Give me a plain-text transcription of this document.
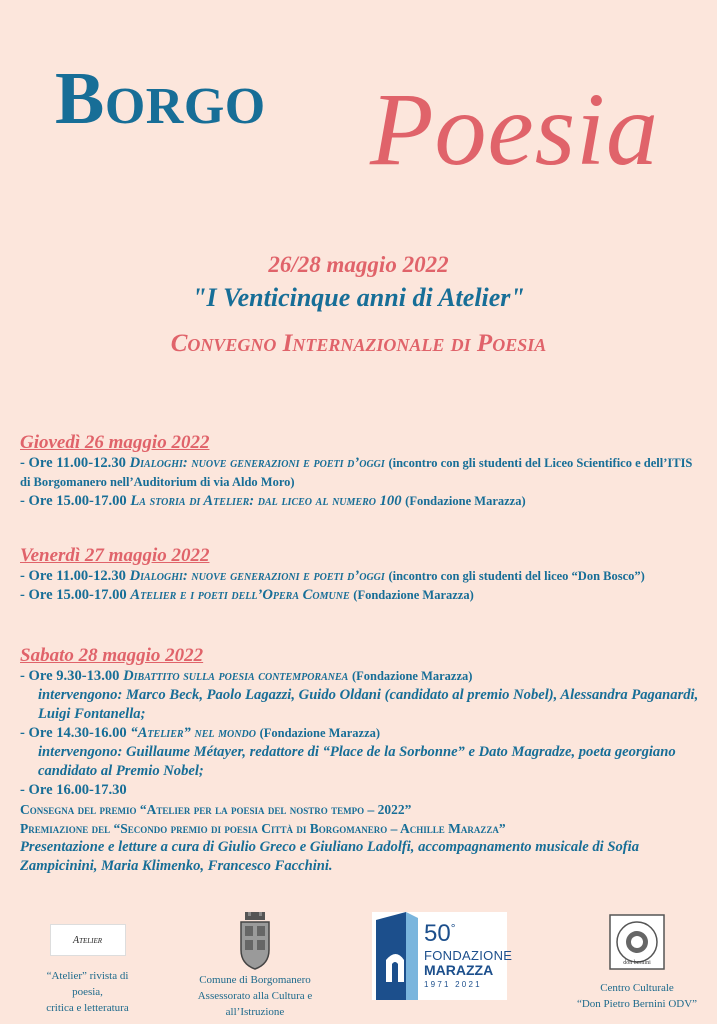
Borgo Poesia
26/28 maggio 2022
"I Venticinque anni di Atelier"
Convegno Internazionale di Poesia
Giovedì 26 maggio 2022
- Ore 11.00-12.30 Dialoghi: nuove generazioni e poeti d’oggi (incontro con gli studenti del Liceo Scientifico e dell’ITIS di Borgomanero nell’Auditorium di via Aldo Moro)
- Ore 15.00-17.00 La storia di Atelier: dal liceo al numero 100 (Fondazione Marazza)
Venerdì 27 maggio 2022
- Ore 11.00-12.30 Dialoghi: nuove generazioni e poeti d’oggi (incontro con gli studenti del liceo “Don Bosco”)
- Ore 15.00-17.00 Atelier e i poeti dell’Opera Comune (Fondazione Marazza)
Sabato 28 maggio 2022
- Ore 9.30-13.00 Dibattito sulla poesia contemporanea (Fondazione Marazza)
intervengono: Marco Beck, Paolo Lagazzi, Guido Oldani (candidato al premio Nobel), Alessandra Paganardi, Luigi Fontanella;
- Ore 14.30-16.00 “Atelier” nel mondo (Fondazione Marazza)
intervengono: Guillaume Métayer, redattore di “Place de la Sorbonne” e Dato Magradze, poeta georgiano candidato al Premio Nobel;
- Ore 16.00-17.30
Consegna del premio “Atelier per la poesia del nostro tempo – 2022”
Premiazione del “Secondo premio di poesia Città di Borgomanero – Achille Marazza”
Presentazione e letture a cura di Giulio Greco e Giuliano Ladolfi, accompagnamento musicale di Sofia Zampicinini, Maria Klimenko, Francesco Facchini.
Atelier
“Atelier” rivista di poesia,
critica e letteratura
Comune di Borgomanero
Assessorato alla Cultura e all’Istruzione
50°
FONDAZIONE
MARAZZA
1 9 7 1   2 0 2 1
don bernini
Centro Culturale
“Don Pietro Bernini ODV”
